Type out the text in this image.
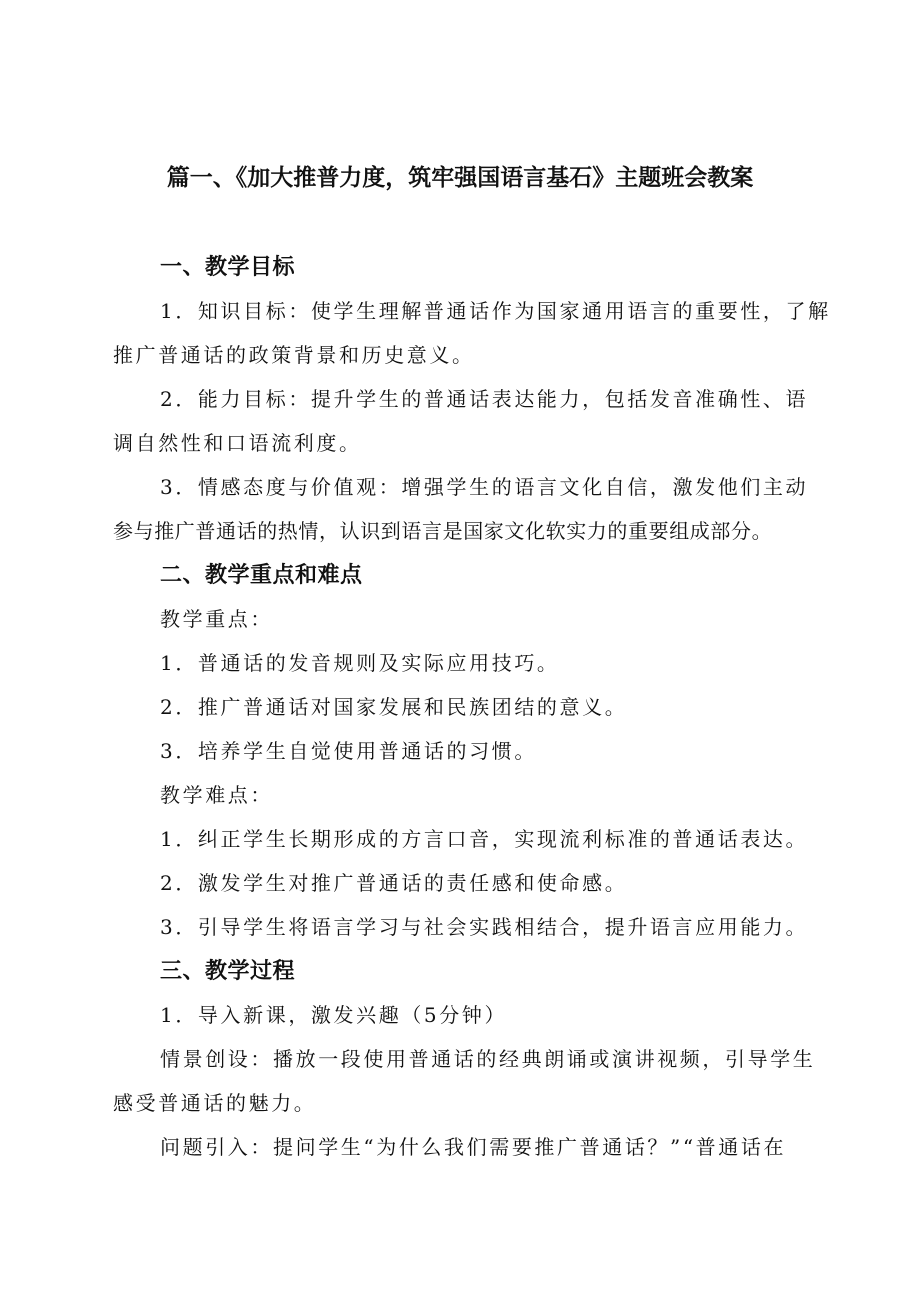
篇一、《加大推普力度，筑牢强国语言基石》主题班会教案
一、教学目标
1．知识目标：使学生理解普通话作为国家通用语言的重要性，了解
推广普通话的政策背景和历史意义。
2．能力目标：提升学生的普通话表达能力，包括发音准确性、语
调自然性和口语流利度。
3．情感态度与价值观：增强学生的语言文化自信，激发他们主动
参与推广普通话的热情，认识到语言是国家文化软实力的重要组成部分。
二、教学重点和难点
教学重点：
1．普通话的发音规则及实际应用技巧。
2．推广普通话对国家发展和民族团结的意义。
3．培养学生自觉使用普通话的习惯。
教学难点：
1．纠正学生长期形成的方言口音，实现流利标准的普通话表达。
2．激发学生对推广普通话的责任感和使命感。
3．引导学生将语言学习与社会实践相结合，提升语言应用能力。
三、教学过程
1．导入新课，激发兴趣（5分钟）
情景创设：播放一段使用普通话的经典朗诵或演讲视频，引导学生
感受普通话的魅力。
问题引入：提问学生“为什么我们需要推广普通话？”“普通话在
